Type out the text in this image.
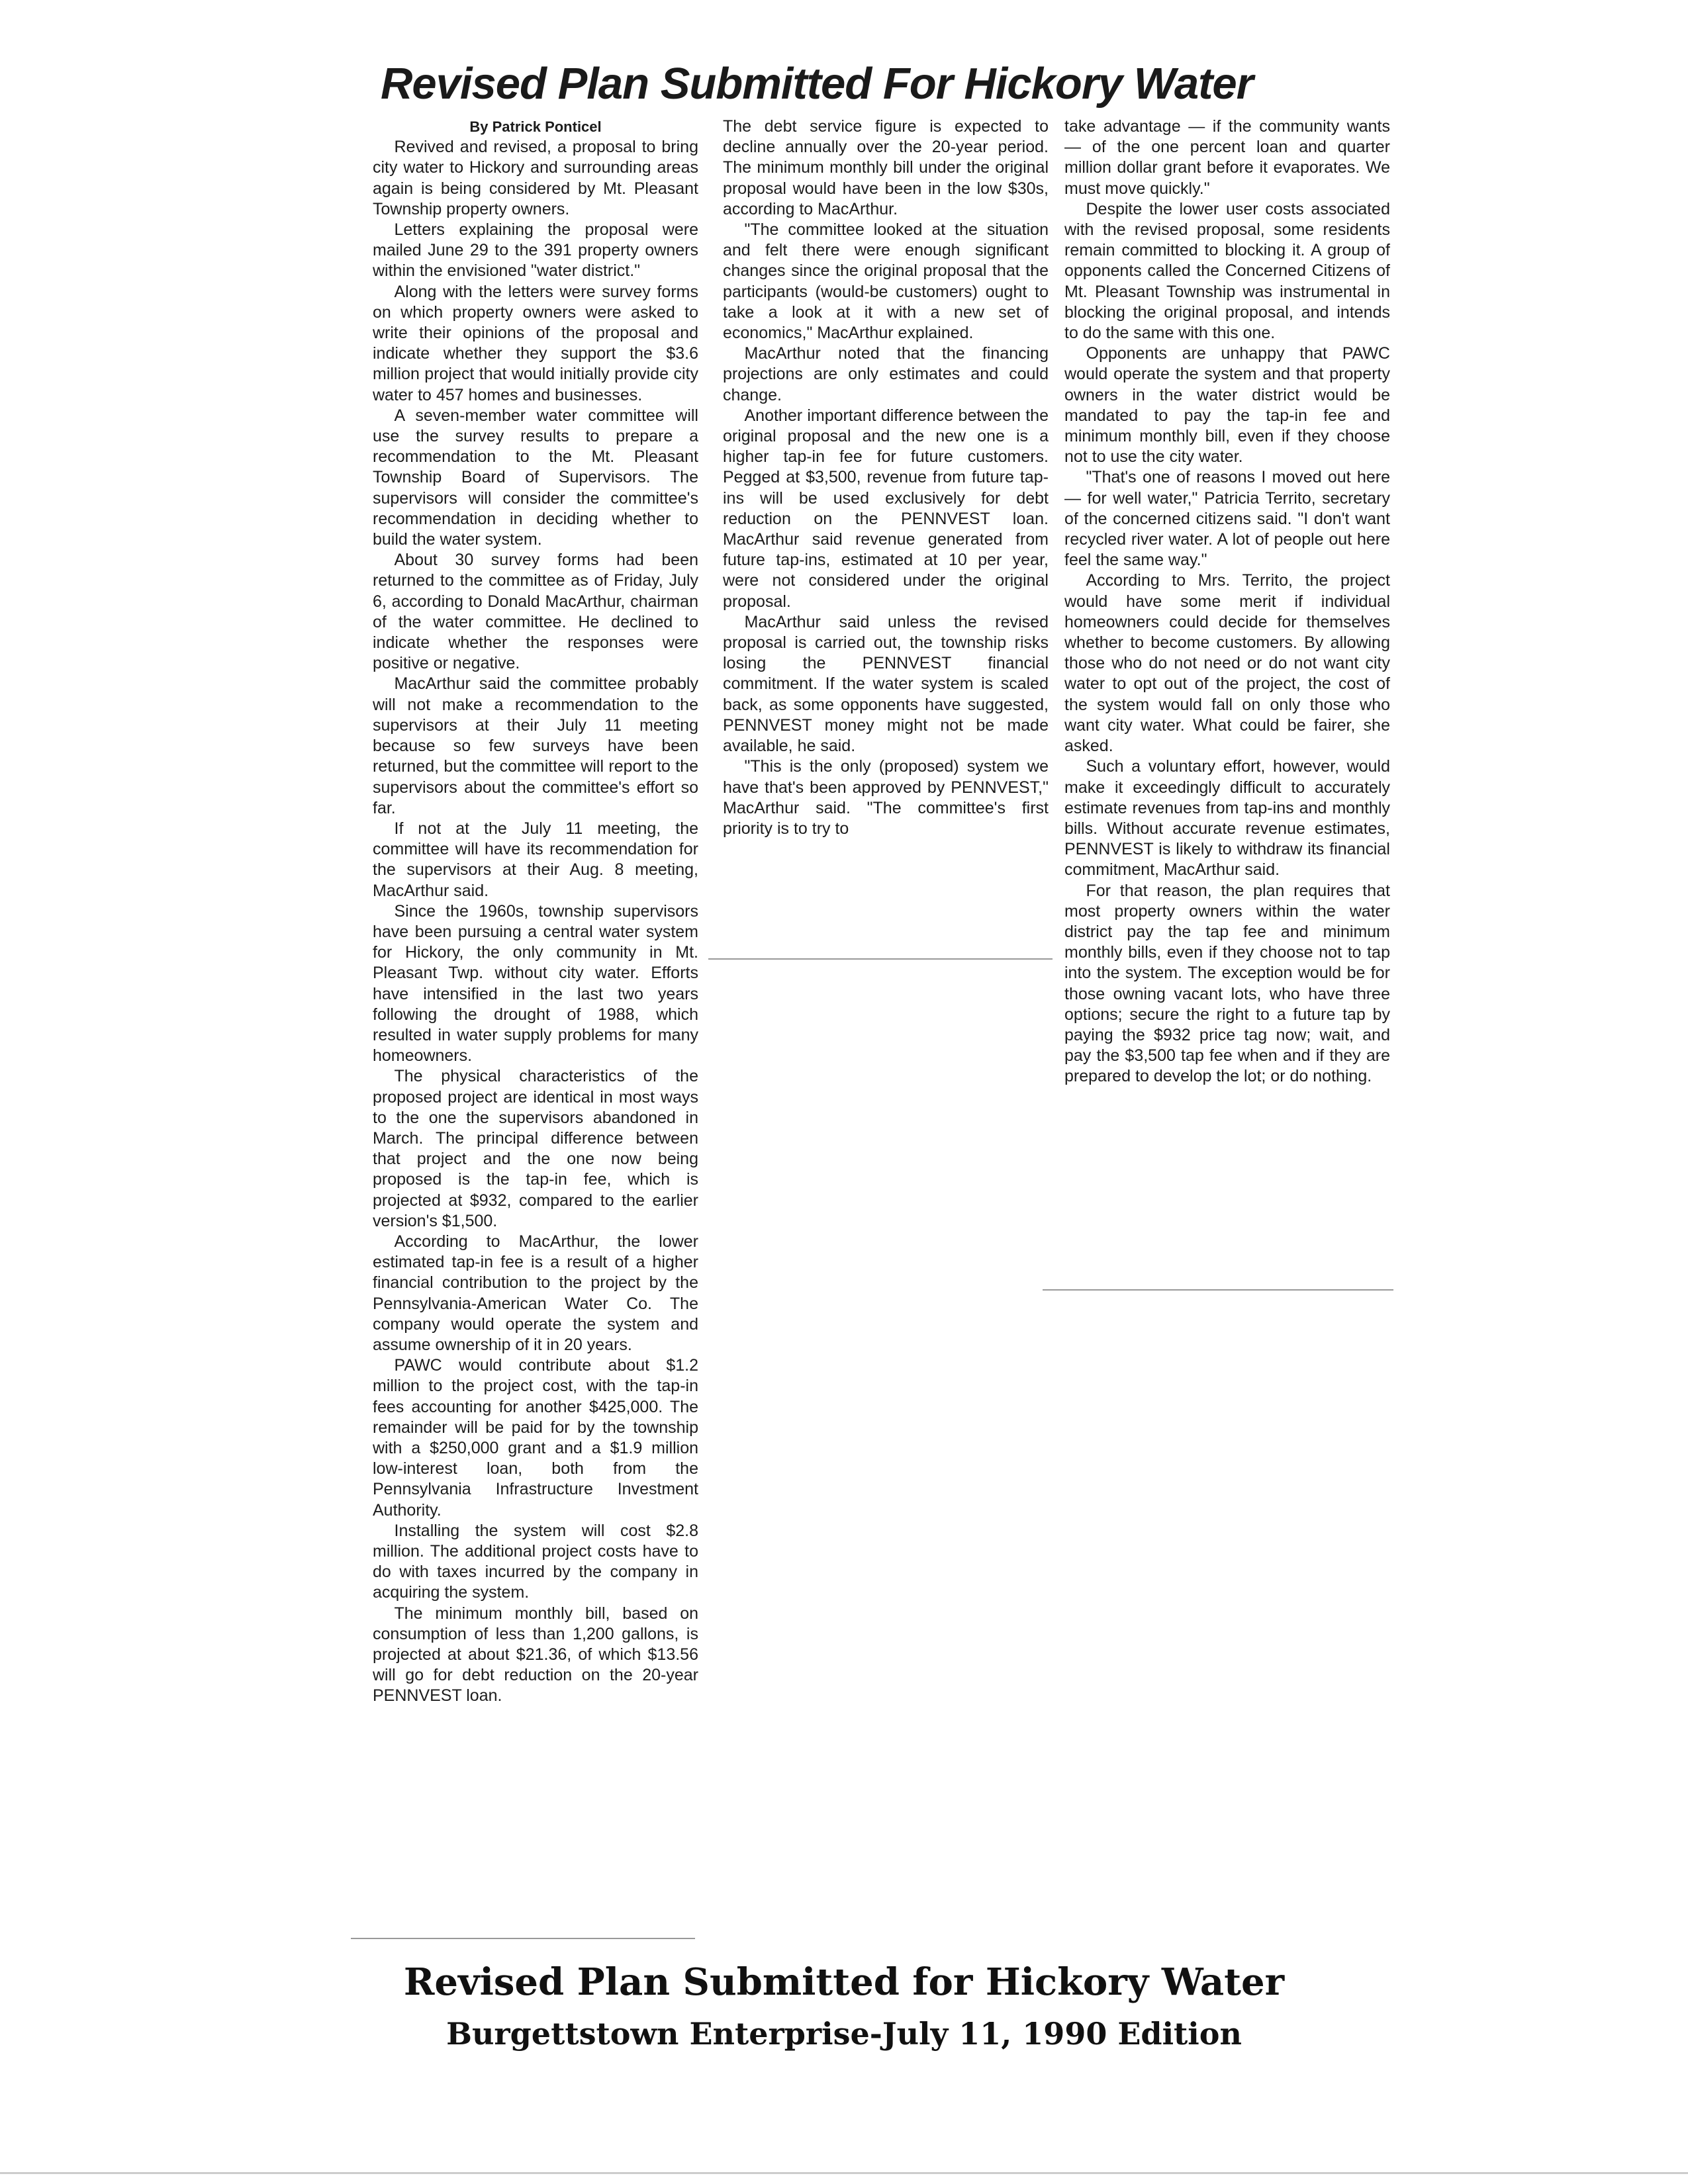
Revised Plan Submitted For Hickory Water

By Patrick Ponticel

Revived and revised, a proposal to bring city water to Hickory and surrounding areas again is being considered by Mt. Pleasant Township property owners.

Letters explaining the proposal were mailed June 29 to the 391 property owners within the envisioned "water district."

Along with the letters were survey forms on which property owners were asked to write their opinions of the proposal and indicate whether they support the $3.6 million project that would initially provide city water to 457 homes and businesses.

A seven-member water committee will use the survey results to prepare a recommendation to the Mt. Pleasant Township Board of Supervisors. The supervisors will consider the committee's recommendation in deciding whether to build the water system.

About 30 survey forms had been returned to the committee as of Friday, July 6, according to Donald MacArthur, chairman of the water committee. He declined to indicate whether the responses were positive or negative.

MacArthur said the committee probably will not make a recommendation to the supervisors at their July 11 meeting because so few surveys have been returned, but the committee will report to the supervisors about the committee's effort so far.

If not at the July 11 meeting, the committee will have its recommendation for the supervisors at their Aug. 8 meeting, MacArthur said.

Since the 1960s, township supervisors have been pursuing a central water system for Hickory, the only community in Mt. Pleasant Twp. without city water. Efforts have intensified in the last two years following the drought of 1988, which resulted in water supply problems for many homeowners.

The physical characteristics of the proposed project are identical in most ways to the one the supervisors abandoned in March. The principal difference between that project and the one now being proposed is the tap-in fee, which is projected at $932, compared to the earlier version's $1,500.

According to MacArthur, the lower estimated tap-in fee is a result of a higher financial contribution to the project by the Pennsylvania-American Water Co. The company would operate the system and assume ownership of it in 20 years.

PAWC would contribute about $1.2 million to the project cost, with the tap-in fees accounting for another $425,000. The remainder will be paid for by the township with a $250,000 grant and a $1.9 million low-interest loan, both from the Pennsylvania Infrastructure Investment Authority.

Installing the system will cost $2.8 million. The additional project costs have to do with taxes incurred by the company in acquiring the system.

The minimum monthly bill, based on consumption of less than 1,200 gallons, is projected at about $21.36, of which $13.56 will go for debt reduction on the 20-year PENNVEST loan.

The debt service figure is expected to decline annually over the 20-year period. The minimum monthly bill under the original proposal would have been in the low $30s, according to MacArthur.

"The committee looked at the situation and felt there were enough significant changes since the original proposal that the participants (would-be customers) ought to take a look at it with a new set of economics," MacArthur explained.

MacArthur noted that the financing projections are only estimates and could change.

Another important difference between the original proposal and the new one is a higher tap-in fee for future customers. Pegged at $3,500, revenue from future tap-ins will be used exclusively for debt reduction on the PENNVEST loan. MacArthur said revenue generated from future tap-ins, estimated at 10 per year, were not considered under the original proposal.

MacArthur said unless the revised proposal is carried out, the township risks losing the PENNVEST financial commitment. If the water system is scaled back, as some opponents have suggested, PENNVEST money might not be made available, he said.

"This is the only (proposed) system we have that's been approved by PENNVEST," MacArthur said. "The committee's first priority is to try to

take advantage — if the community wants — of the one percent loan and quarter million dollar grant before it evaporates. We must move quickly."

Despite the lower user costs associated with the revised proposal, some residents remain committed to blocking it. A group of opponents called the Concerned Citizens of Mt. Pleasant Township was instrumental in blocking the original proposal, and intends to do the same with this one.

Opponents are unhappy that PAWC would operate the system and that property owners in the water district would be mandated to pay the tap-in fee and minimum monthly bill, even if they choose not to use the city water.

"That's one of reasons I moved out here — for well water," Patricia Territo, secretary of the concerned citizens said. "I don't want recycled river water. A lot of people out here feel the same way."

According to Mrs. Territo, the project would have some merit if individual homeowners could decide for themselves whether to become customers. By allowing those who do not need or do not want city water to opt out of the project, the cost of the system would fall on only those who want city water. What could be fairer, she asked.

Such a voluntary effort, however, would make it exceedingly difficult to accurately estimate revenues from tap-ins and monthly bills. Without accurate revenue estimates, PENNVEST is likely to withdraw its financial commitment, MacArthur said.

For that reason, the plan requires that most property owners within the water district pay the tap fee and minimum monthly bills, even if they choose not to tap into the system. The exception would be for those owning vacant lots, who have three options; secure the right to a future tap by paying the $932 price tag now; wait, and pay the $3,500 tap fee when and if they are prepared to develop the lot; or do nothing.

Revised Plan Submitted for Hickory Water
Burgettstown Enterprise-July 11, 1990 Edition
